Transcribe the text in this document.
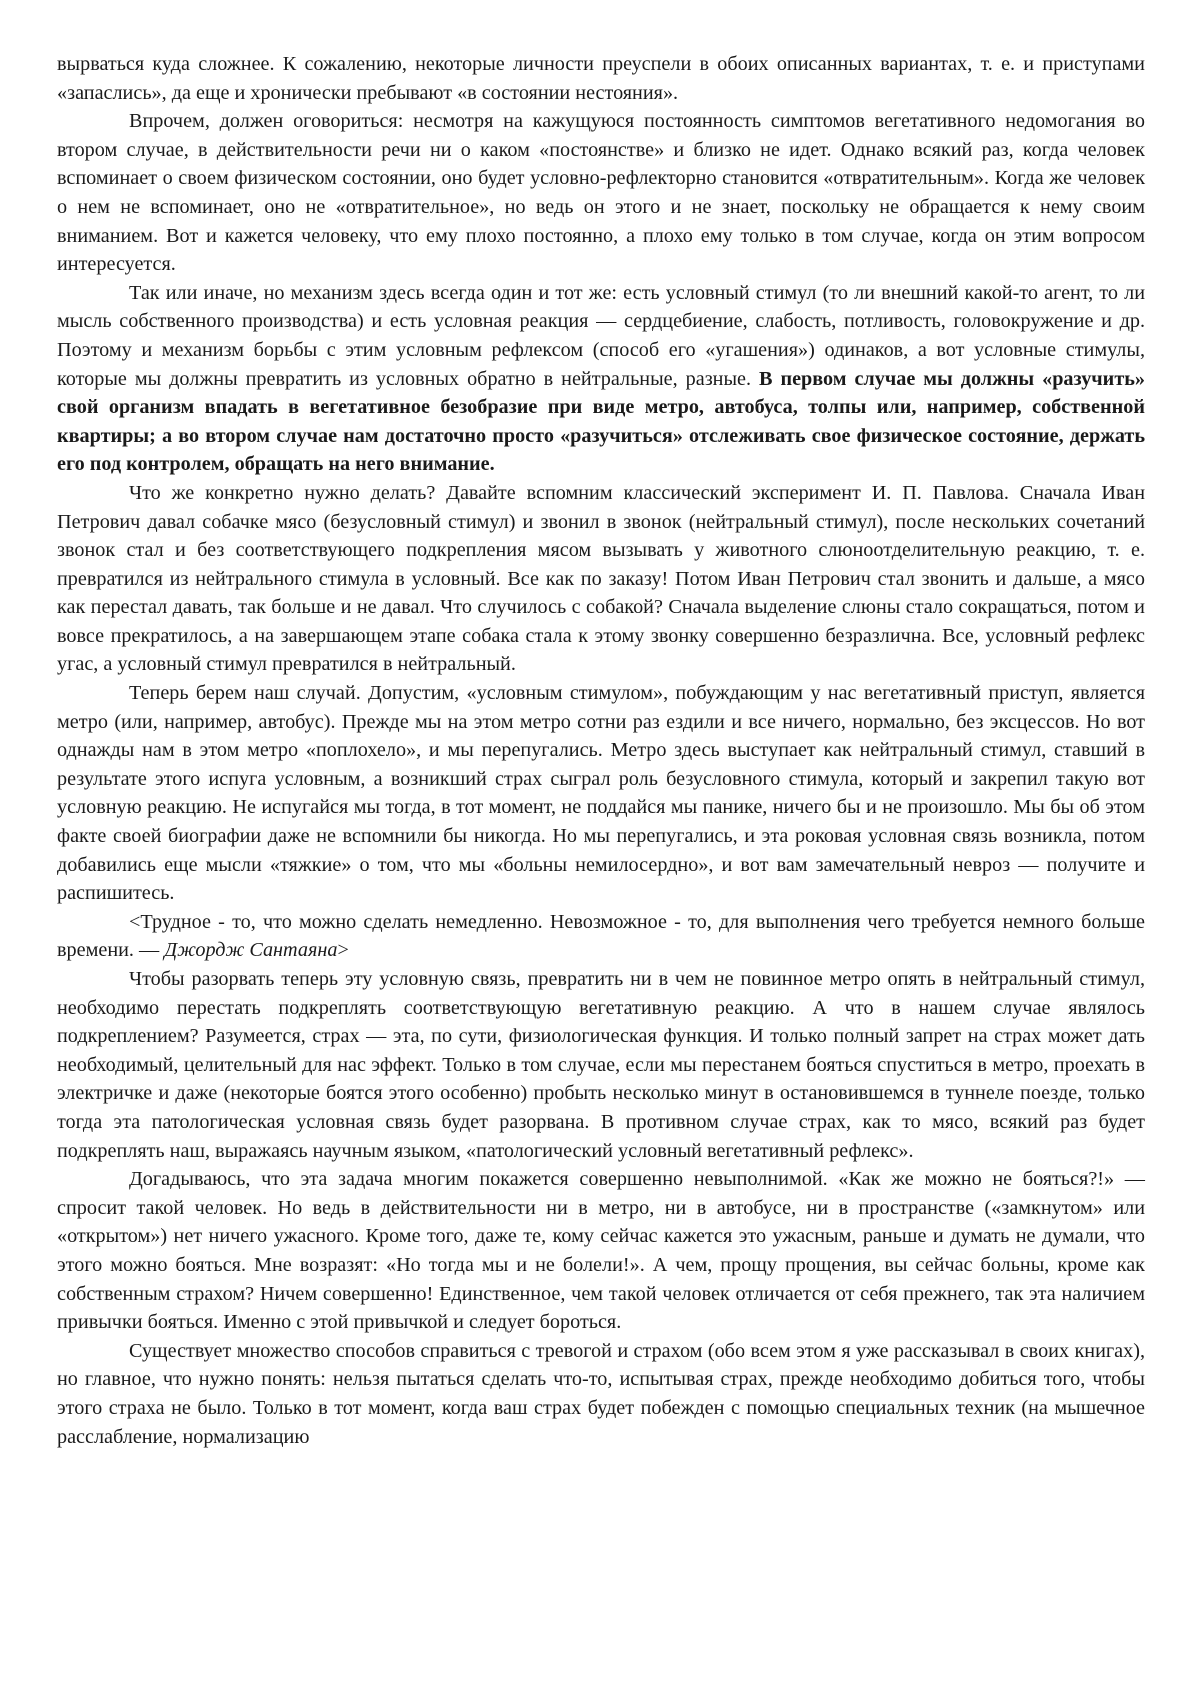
вырваться куда сложнее. К сожалению, некоторые личности преуспели в обоих описанных вариантах, т. е. и приступами «запаслись», да еще и хронически пребывают «в состоянии нестояния».

Впрочем, должен оговориться: несмотря на кажущуюся постоянность симптомов вегетативного недомогания во втором случае, в действительности речи ни о каком «постоянстве» и близко не идет. Однако всякий раз, когда человек вспоминает о своем физическом состоянии, оно будет условно-рефлекторно становится «отвратительным». Когда же человек о нем не вспоминает, оно не «отвратительное», но ведь он этого и не знает, поскольку не обращается к нему своим вниманием. Вот и кажется человеку, что ему плохо постоянно, а плохо ему только в том случае, когда он этим вопросом интересуется.

Так или иначе, но механизм здесь всегда один и тот же: есть условный стимул (то ли внешний какой-то агент, то ли мысль собственного производства) и есть условная реакция — сердцебиение, слабость, потливость, головокружение и др. Поэтому и механизм борьбы с этим условным рефлексом (способ его «угашения») одинаков, а вот условные стимулы, которые мы должны превратить из условных обратно в нейтральные, разные. В первом случае мы должны «разучить» свой организм впадать в вегетативное безобразие при виде метро, автобуса, толпы или, например, собственной квартиры; а во втором случае нам достаточно просто «разучиться» отслеживать свое физическое состояние, держать его под контролем, обращать на него внимание.

Что же конкретно нужно делать? Давайте вспомним классический эксперимент И. П. Павлова. Сначала Иван Петрович давал собачке мясо (безусловный стимул) и звонил в звонок (нейтральный стимул), после нескольких сочетаний звонок стал и без соответствующего подкрепления мясом вызывать у животного слюноотделительную реакцию, т. е. превратился из нейтрального стимула в условный. Все как по заказу! Потом Иван Петрович стал звонить и дальше, а мясо как перестал давать, так больше и не давал. Что случилось с собакой? Сначала выделение слюны стало сокращаться, потом и вовсе прекратилось, а на завершающем этапе собака стала к этому звонку совершенно безразлична. Все, условный рефлекс угас, а условный стимул превратился в нейтральный.

Теперь берем наш случай. Допустим, «условным стимулом», побуждающим у нас вегетативный приступ, является метро (или, например, автобус). Прежде мы на этом метро сотни раз ездили и все ничего, нормально, без эксцессов. Но вот однажды нам в этом метро «поплохело», и мы перепугались. Метро здесь выступает как нейтральный стимул, ставший в результате этого испуга условным, а возникший страх сыграл роль безусловного стимула, который и закрепил такую вот условную реакцию. Не испугайся мы тогда, в тот момент, не поддайся мы панике, ничего бы и не произошло. Мы бы об этом факте своей биографии даже не вспомнили бы никогда. Но мы перепугались, и эта роковая условная связь возникла, потом добавились еще мысли «тяжкие» о том, что мы «больны немилосердно», и вот вам замечательный невроз — получите и распишитесь.

<Трудное - то, что можно сделать немедленно. Невозможное - то, для выполнения чего требуется немного больше времени. — Джордж Сантаяна>

Чтобы разорвать теперь эту условную связь, превратить ни в чем не повинное метро опять в нейтральный стимул, необходимо перестать подкреплять соответствующую вегетативную реакцию. А что в нашем случае являлось подкреплением? Разумеется, страх — эта, по сути, физиологическая функция. И только полный запрет на страх может дать необходимый, целительный для нас эффект. Только в том случае, если мы перестанем бояться спуститься в метро, проехать в электричке и даже (некоторые боятся этого особенно) пробыть несколько минут в остановившемся в туннеле поезде, только тогда эта патологическая условная связь будет разорвана. В противном случае страх, как то мясо, всякий раз будет подкреплять наш, выражаясь научным языком, «патологический условный вегетативный рефлекс».

Догадываюсь, что эта задача многим покажется совершенно невыполнимой. «Как же можно не бояться?!» — спросит такой человек. Но ведь в действительности ни в метро, ни в автобусе, ни в пространстве («замкнутом» или «открытом») нет ничего ужасного. Кроме того, даже те, кому сейчас кажется это ужасным, раньше и думать не думали, что этого можно бояться. Мне возразят: «Но тогда мы и не болели!». А чем, прощу прощения, вы сейчас больны, кроме как собственным страхом? Ничем совершенно! Единственное, чем такой человек отличается от себя прежнего, так эта наличием привычки бояться. Именно с этой привычкой и следует бороться.

Существует множество способов справиться с тревогой и страхом (обо всем этом я уже рассказывал в своих книгах), но главное, что нужно понять: нельзя пытаться сделать что-то, испытывая страх, прежде необходимо добиться того, чтобы этого страха не было. Только в тот момент, когда ваш страх будет побежден с помощью специальных техник (на мышечное расслабление, нормализацию
